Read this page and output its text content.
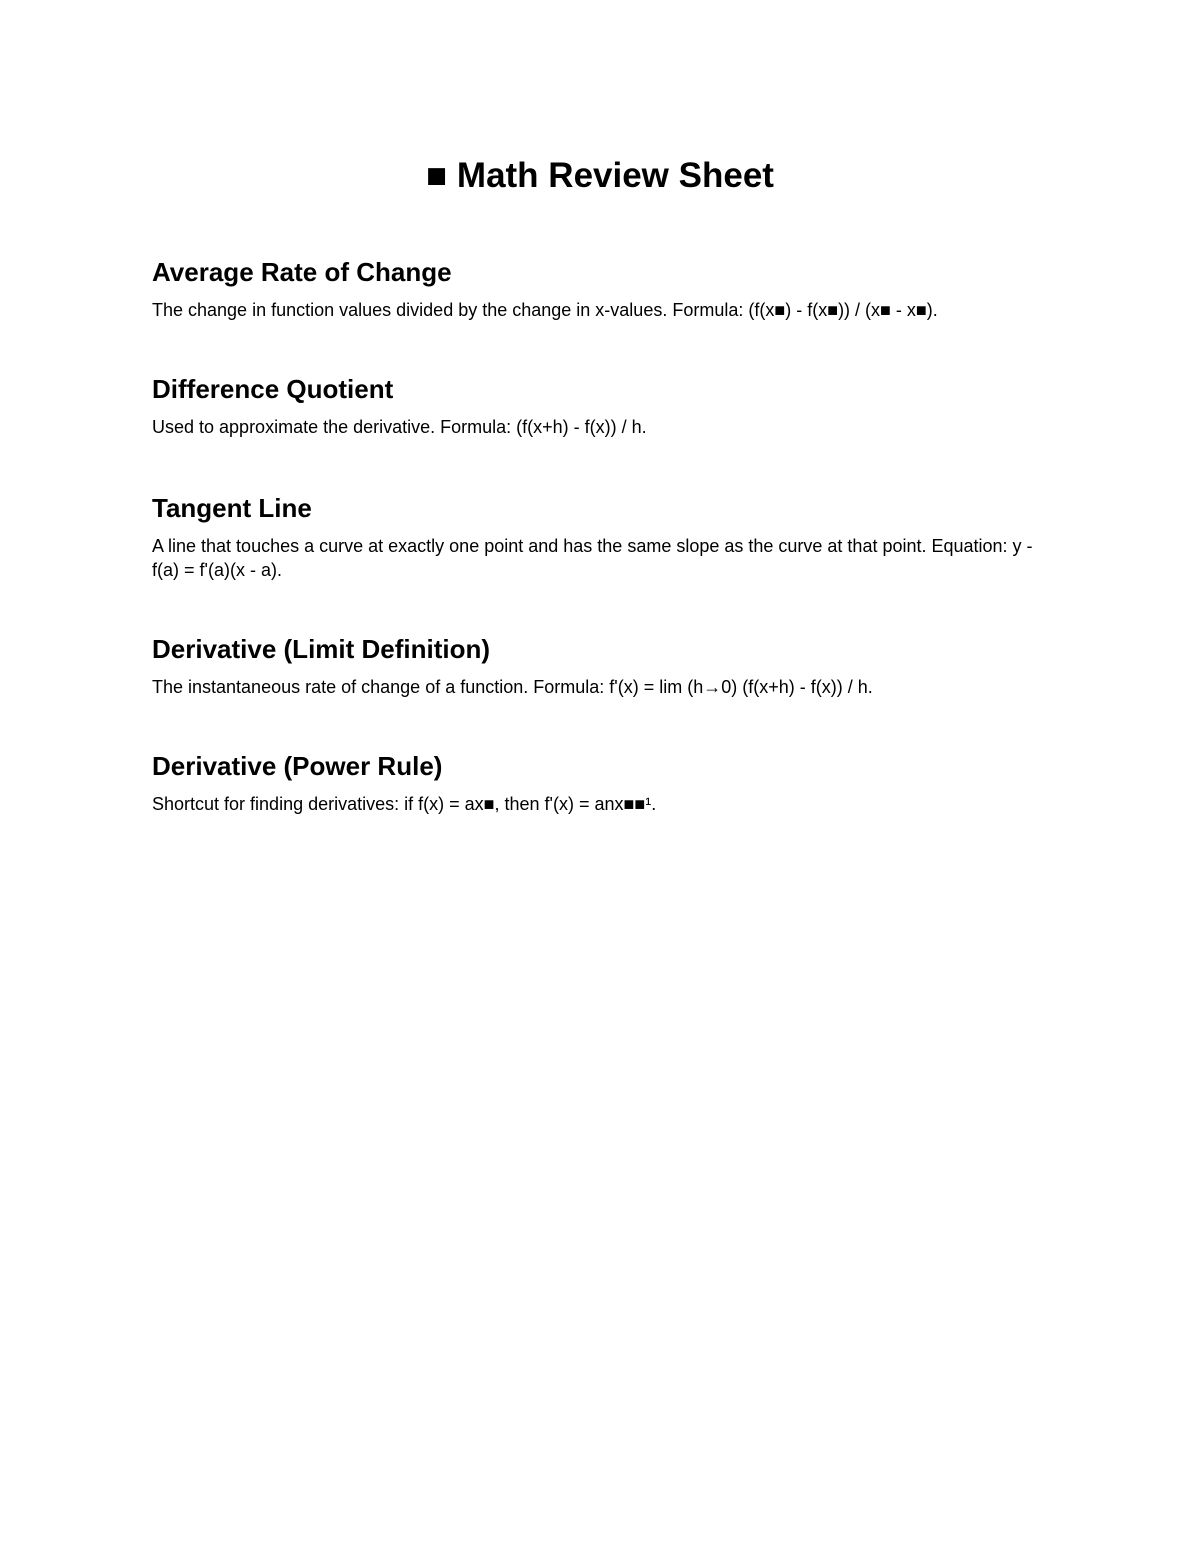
■ Math Review Sheet
Average Rate of Change

The change in function values divided by the change in x-values. Formula: (f(x■) - f(x■)) / (x■ - x■).

Difference Quotient

Used to approximate the derivative. Formula: (f(x+h) - f(x)) / h.

Tangent Line

A line that touches a curve at exactly one point and has the same slope as the curve at that point. Equation: y - f(a) = f'(a)(x - a).

Derivative (Limit Definition)

The instantaneous rate of change of a function. Formula: f'(x) = lim (h→0) (f(x+h) - f(x)) / h.

Derivative (Power Rule)

Shortcut for finding derivatives: if f(x) = ax■, then f'(x) = anx■■¹.
